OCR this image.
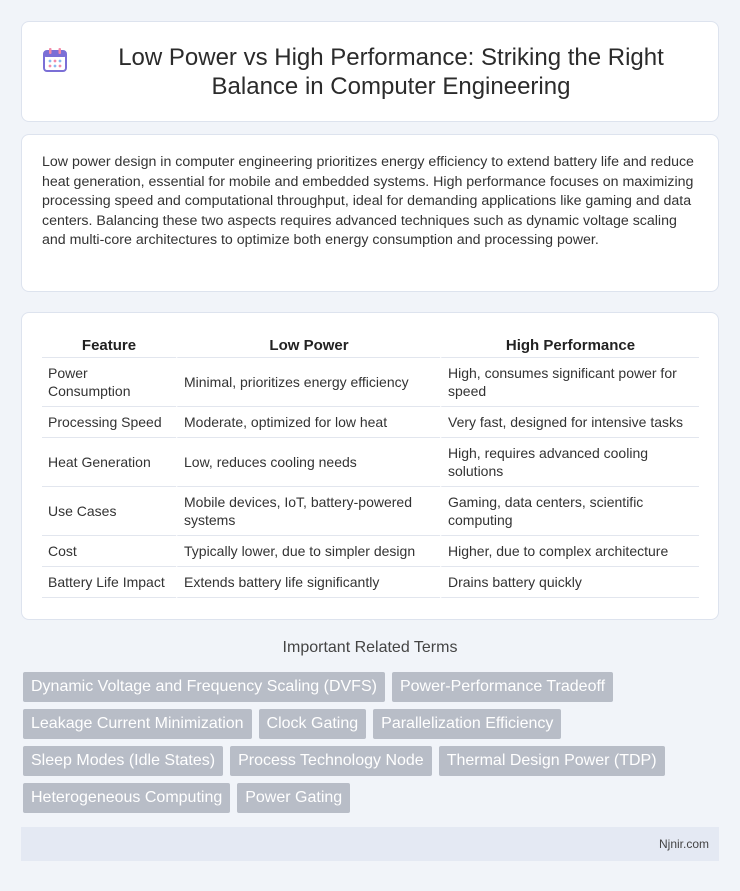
Low Power vs High Performance: Striking the Right Balance in Computer Engineering

Low power design in computer engineering prioritizes energy efficiency to extend battery life and reduce heat generation, essential for mobile and embedded systems. High performance focuses on maximizing processing speed and computational throughput, ideal for demanding applications like gaming and data centers. Balancing these two aspects requires advanced techniques such as dynamic voltage scaling and multi-core architectures to optimize both energy consumption and processing power.

Feature	Low Power	High Performance
Power Consumption	Minimal, prioritizes energy efficiency	High, consumes significant power for speed
Processing Speed	Moderate, optimized for low heat	Very fast, designed for intensive tasks
Heat Generation	Low, reduces cooling needs	High, requires advanced cooling solutions
Use Cases	Mobile devices, IoT, battery-powered systems	Gaming, data centers, scientific computing
Cost	Typically lower, due to simpler design	Higher, due to complex architecture
Battery Life Impact	Extends battery life significantly	Drains battery quickly
Important Related Terms
Dynamic Voltage and Frequency Scaling (DVFS)	Power-Performance Tradeoff
Leakage Current Minimization	Clock Gating	Parallelization Efficiency
Sleep Modes (Idle States)	Process Technology Node	Thermal Design Power (TDP)
Heterogeneous Computing	Power Gating
Njnir.com
